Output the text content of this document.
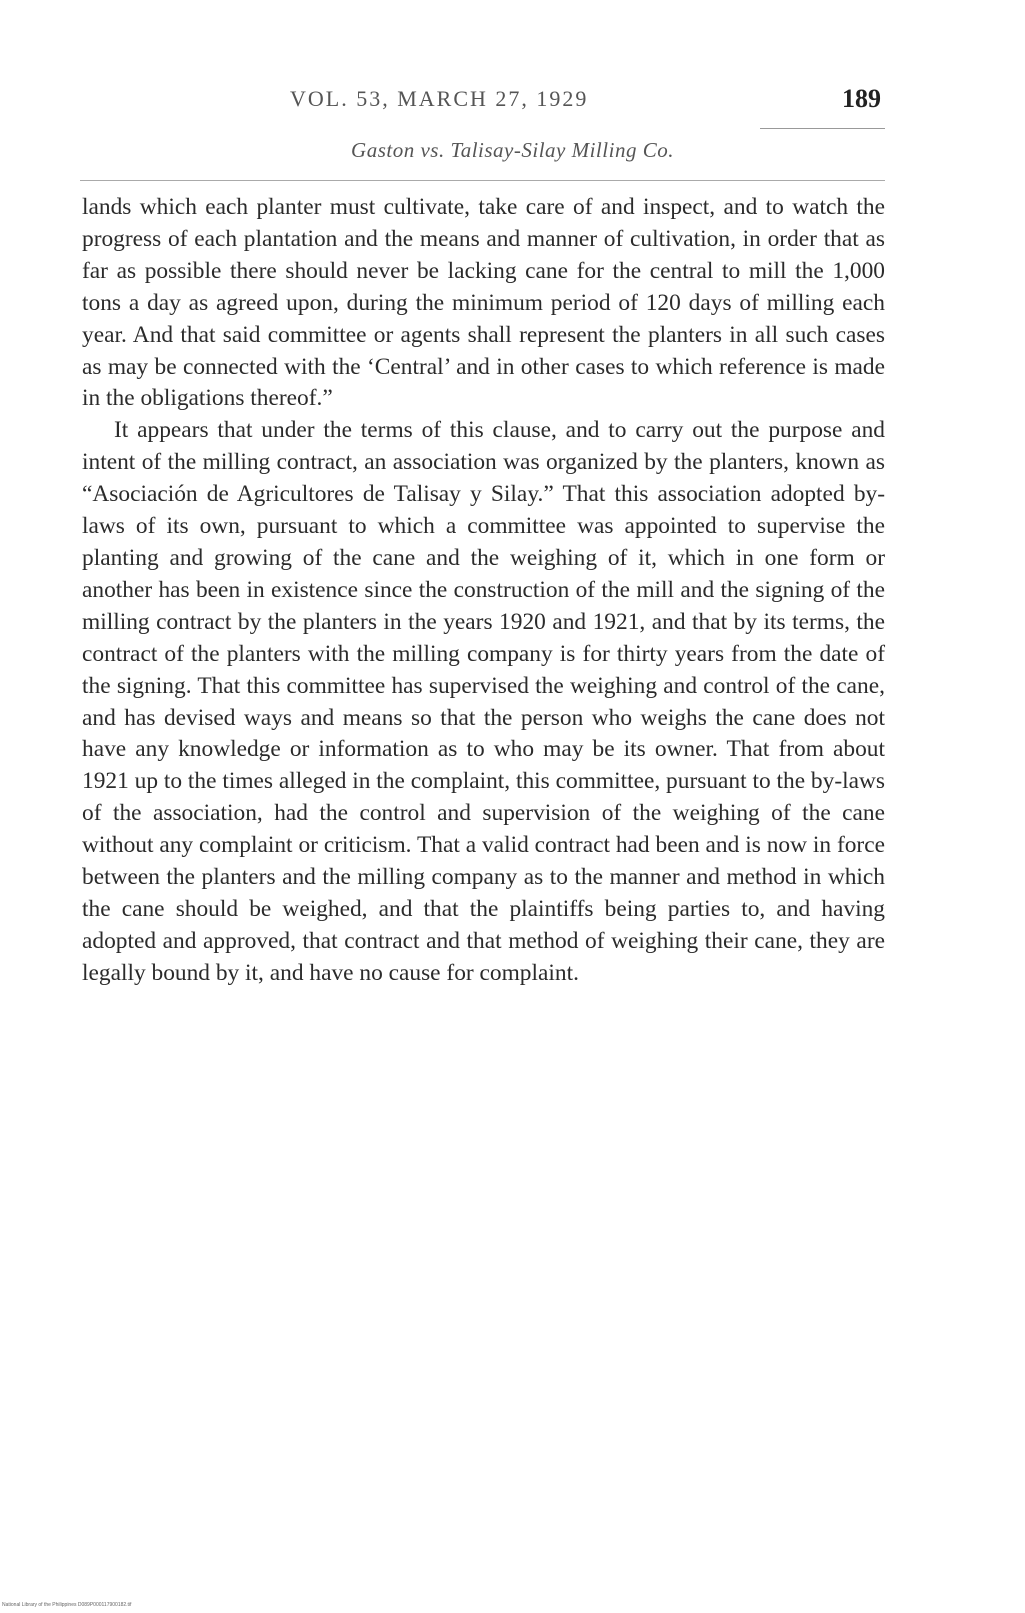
VOL. 53, MARCH 27, 1929	189
Gaston vs. Talisay-Silay Milling Co.

lands which each planter must cultivate, take care of and inspect, and to watch the progress of each plantation and the means and manner of cultivation, in order that as far as possible there should never be lacking cane for the central to mill the 1,000 tons a day as agreed upon, during the minimum period of 120 days of milling each year. And that said committee or agents shall represent the planters in all such cases as may be connected with the ‘Central’ and in other cases to which reference is made in the obligations thereof.”

It appears that under the terms of this clause, and to carry out the purpose and intent of the milling contract, an association was organized by the planters, known as “Asociación de Agricultores de Talisay y Silay.” That this association adopted by-laws of its own, pursuant to which a committee was appointed to supervise the planting and growing of the cane and the weighing of it, which in one form or another has been in existence since the construction of the mill and the signing of the milling contract by the planters in the years 1920 and 1921, and that by its terms, the contract of the planters with the milling company is for thirty years from the date of the signing. That this committee has supervised the weighing and control of the cane, and has devised ways and means so that the person who weighs the cane does not have any knowledge or information as to who may be its owner. That from about 1921 up to the times alleged in the complaint, this committee, pursuant to the by-laws of the association, had the control and supervision of the weighing of the cane without any complaint or criticism. That a valid contract had been and is now in force between the planters and the milling company as to the manner and method in which the cane should be weighed, and that the plaintiffs being parties to, and having adopted and approved, that contract and that method of weighing their cane, they are legally bound by it, and have no cause for complaint.

National Library of the Philippines D089P000117900182.tif
